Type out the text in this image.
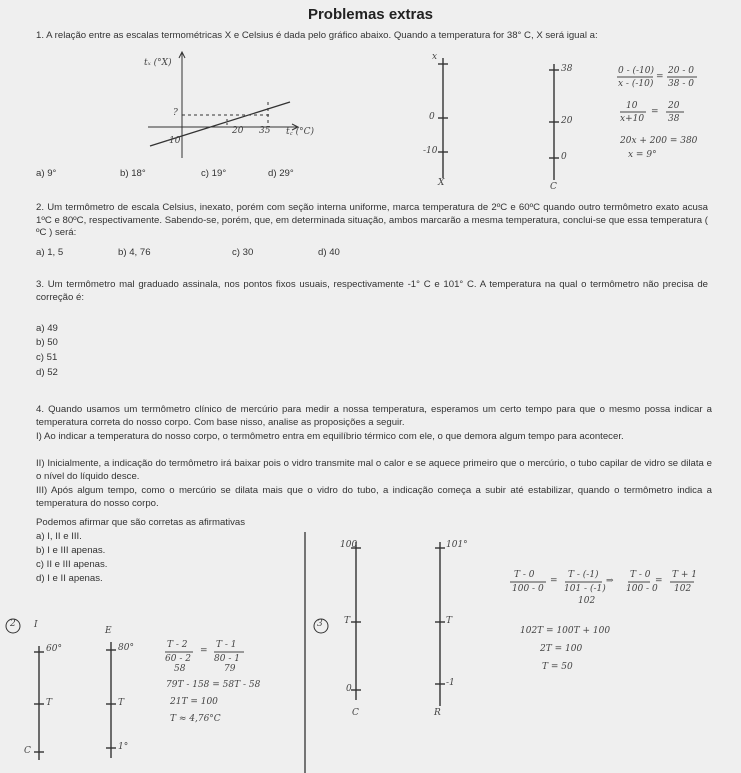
Problemas extras
1. A relação entre as escalas termométricas X e Celsius é dada pelo gráfico abaixo. Quando a temperatura for 38° C, X será igual a:
tₓ (°X)
t꜀ (°C)
-10
?
20 35
a) 9°	b) 18°	c) 19°	d) 29°
x
0
-10
X
38
20
0
C
0 - (-10)
x - (-10)
=
20 - 0
38 - 0
10
x+10
=
20
38
20x + 200 = 380
x = 9°
2. Um termômetro de escala Celsius, inexato, porém com seção interna uniforme, marca temperatura de 2ºC e 60ºC quando outro termômetro exato acusa 1ºC e 80ºC, respectivamente. Sabendo-se, porém, que, em determinada situação, ambos marcarão a mesma temperatura, conclui-se que essa temperatura ( ºC ) será:
a) 1, 5	b) 4, 76	c) 30	d) 40
3. Um termômetro mal graduado assinala, nos pontos fixos usuais, respectivamente -1° C e 101° C. A temperatura na qual o termômetro não precisa de correção é:
a) 49
b) 50
c) 51
d) 52
4. Quando usamos um termômetro clínico de mercúrio para medir a nossa temperatura, esperamos um certo tempo para que o mesmo possa indicar a temperatura correta do nosso corpo. Com base nisso, analise as proposições a seguir.
I) Ao indicar a temperatura do nosso corpo, o termômetro entra em equilíbrio térmico com ele, o que demora algum tempo para acontecer.
II) Inicialmente, a indicação do termômetro irá baixar pois o vidro transmite mal o calor e se aquece primeiro que o mercúrio, o tubo capilar de vidro se dilata e o nível do líquido desce.
III) Após algum tempo, como o mercúrio se dilata mais que o vidro do tubo, a indicação começa a subir até estabilizar, quando o termômetro indica a temperatura do nosso corpo.
Podemos afirmar que são corretas as afirmativas
a) I, II e III.
b) I e III apenas.
c) II e III apenas.
d) I e II apenas.
2 I
60°
T
C
E
80°
T
1°
T - 2
60 - 2
=
T - 1
80 - 1
58	79
79T - 158 = 58T - 58
21T = 100
T ≈ 4,76°C
3
100
T
0
C
101°
T
-1
R
T - 0
100 - 0
=
T - (-1)
101 - (-1)
102
⇒
T - 0
100 - 0
=
T + 1
102
102T = 100T + 100
2T = 100
T = 50
